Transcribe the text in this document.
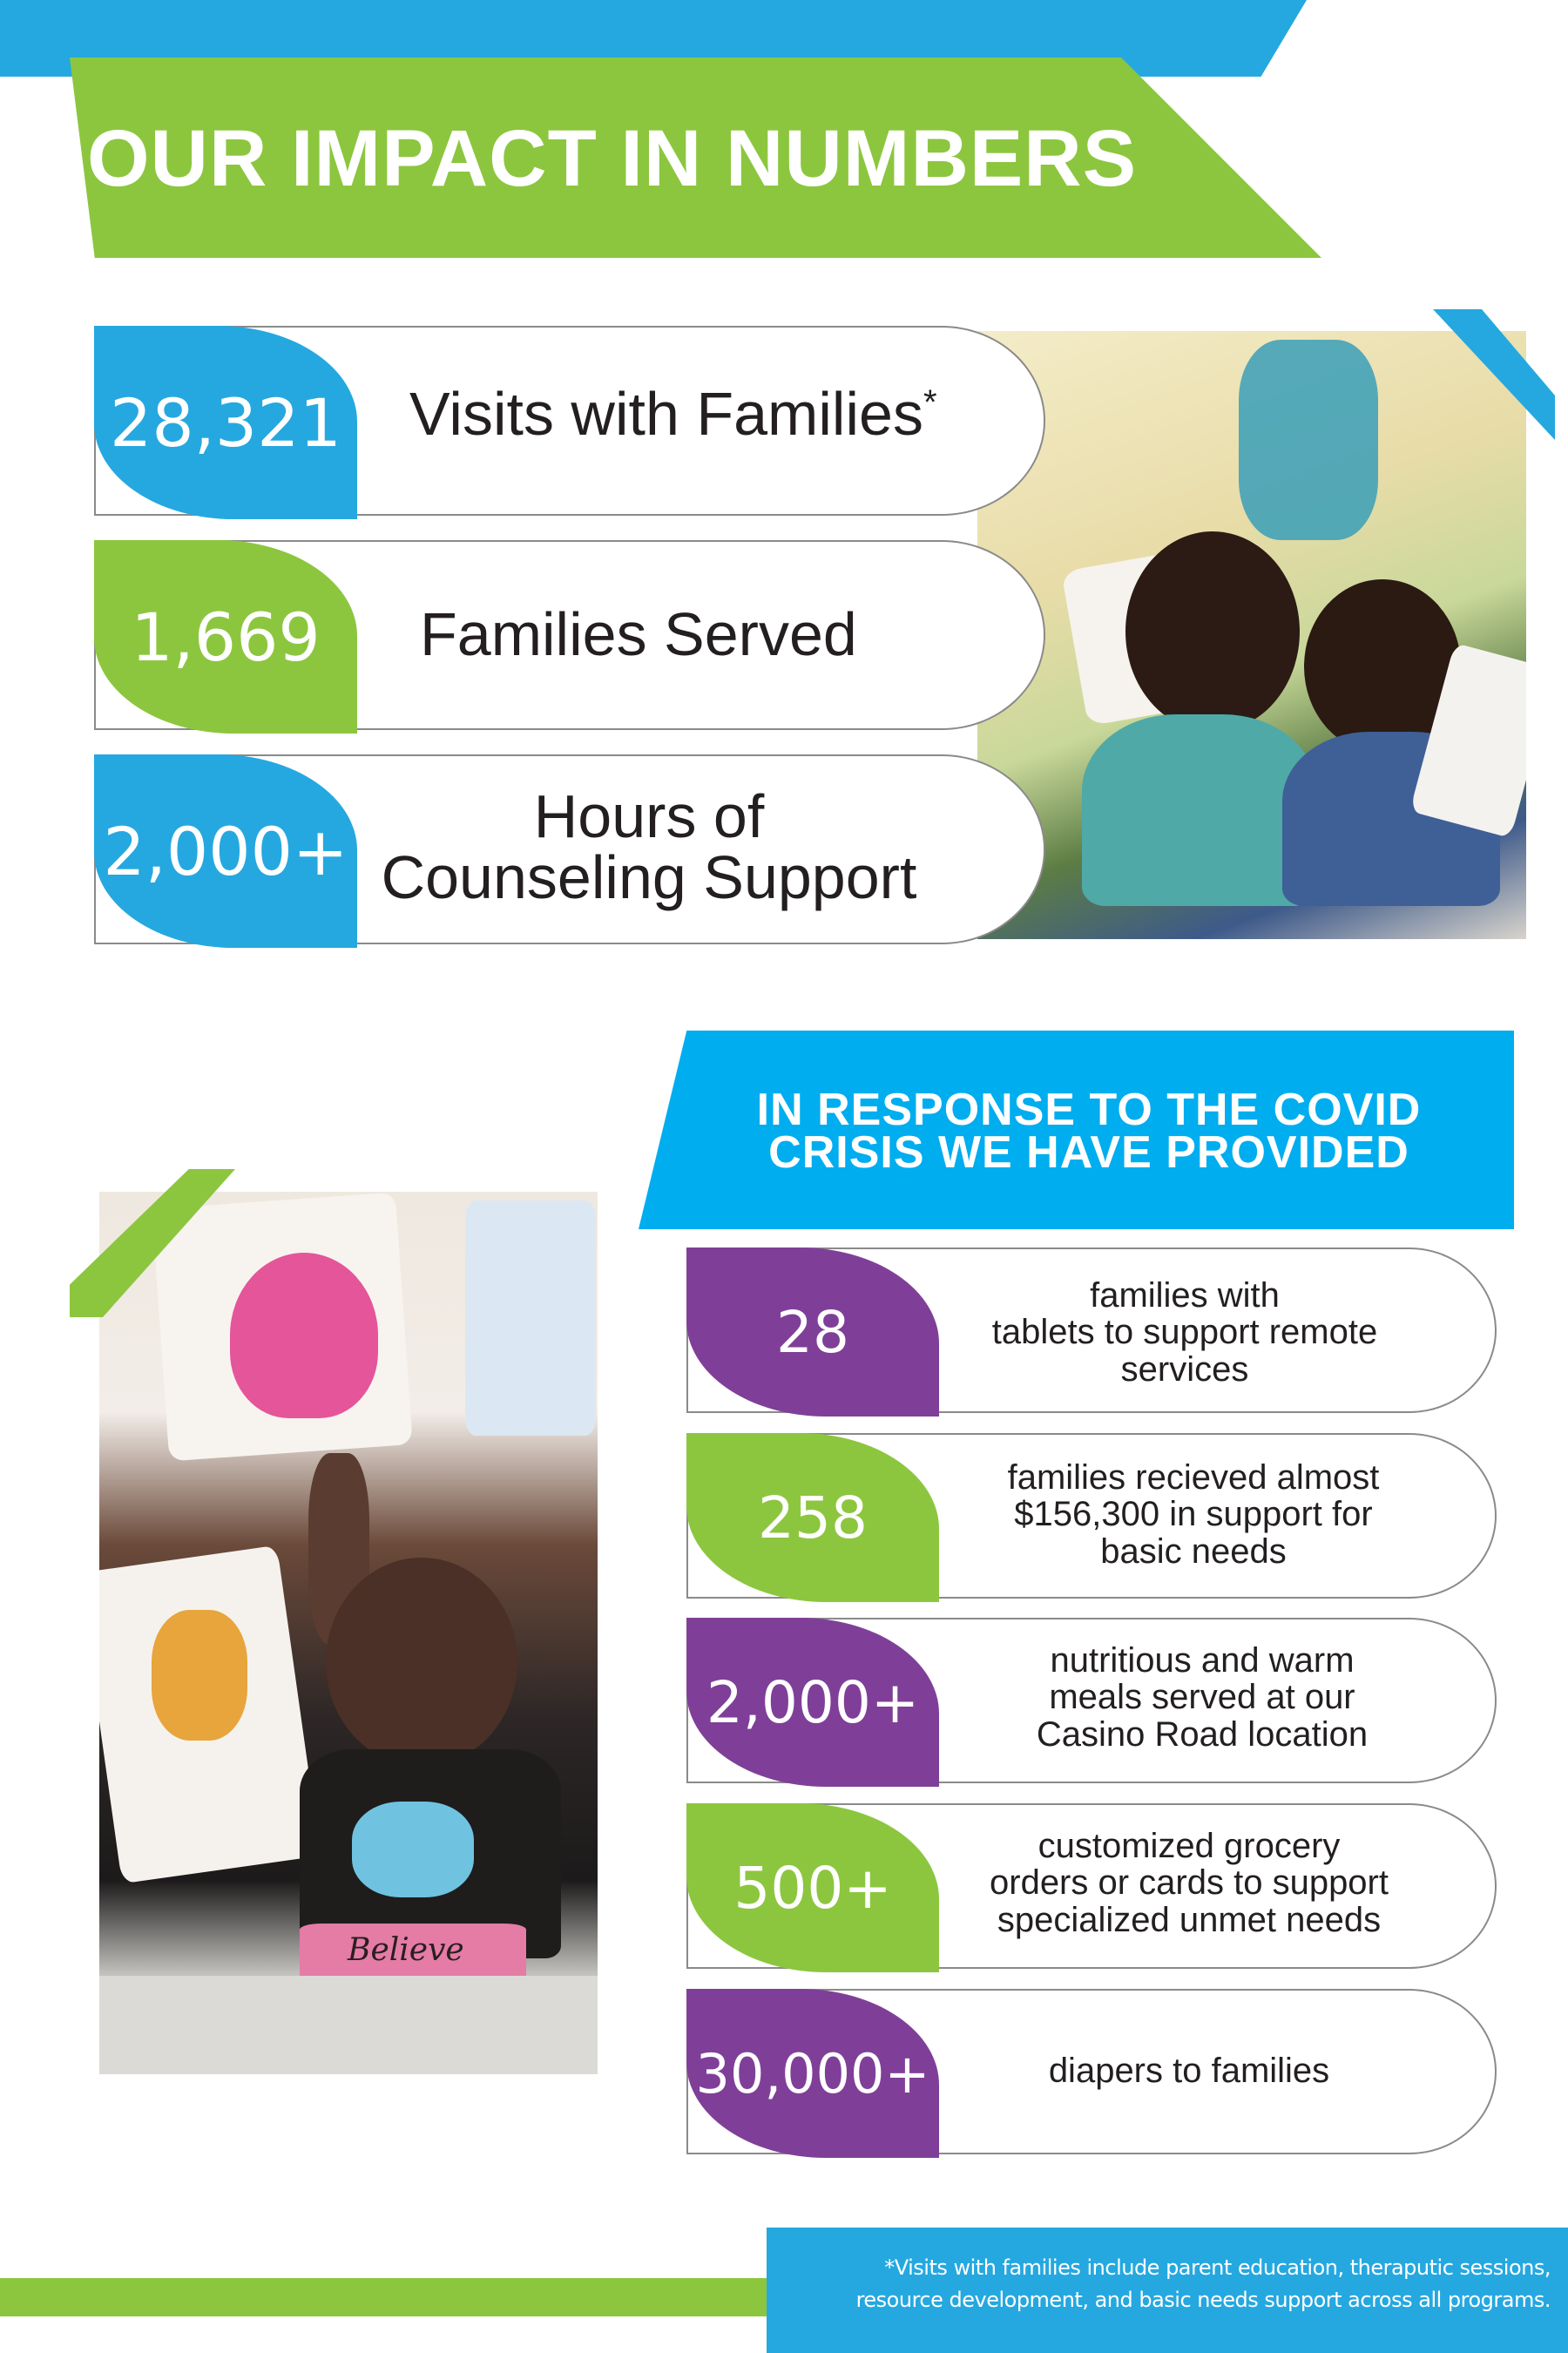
OUR IMPACT IN NUMBERS
28,321 Visits with Families*
1,669	Families Served
2,000+	Hours of
Counseling Support
IN RESPONSE TO THE COVID
CRISIS WE HAVE PROVIDED
Believe
28
families with
tablets to support remote
services
258
families recieved almost
$156,300 in support for
basic needs
2,000+
nutritious and warm
meals served at our
Casino Road location
500+
customized grocery
orders or cards to support
specialized unmet needs
30,000+	diapers to families
*Visits with families include parent education, theraputic sessions,
resource development, and basic needs support across all programs.
